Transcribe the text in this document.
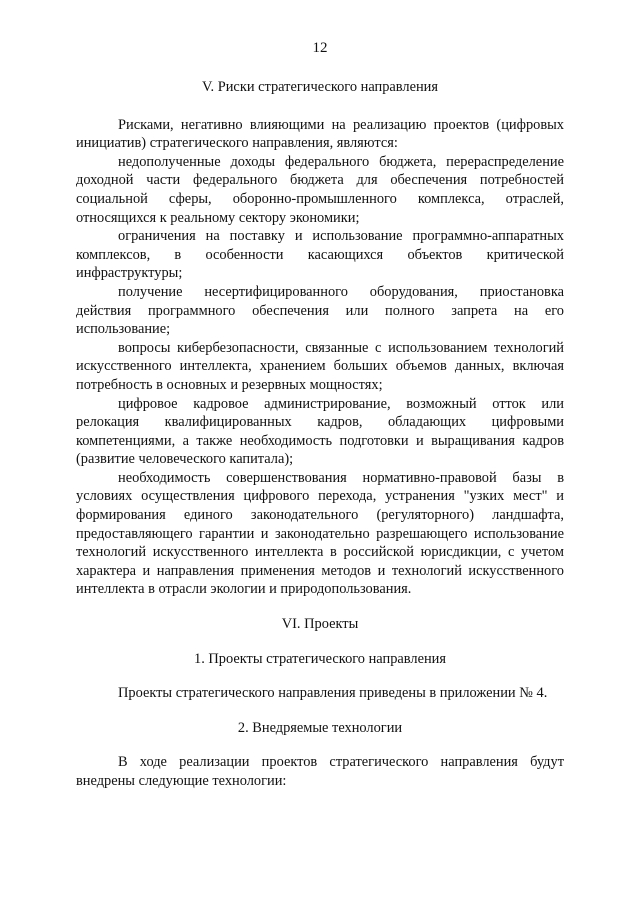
12

V. Риски стратегического направления

Рисками, негативно влияющими на реализацию проектов (цифровых инициатив) стратегического направления, являются:

недополученные доходы федерального бюджета, перераспределение доходной части федерального бюджета для обеспечения потребностей социальной сферы, оборонно-промышленного комплекса, отраслей, относящихся к реальному сектору экономики;

ограничения на поставку и использование программно-аппаратных комплексов, в особенности касающихся объектов критической инфраструктуры;

получение несертифицированного оборудования, приостановка действия программного обеспечения или полного запрета на его использование;

вопросы кибербезопасности, связанные с использованием технологий искусственного интеллекта, хранением больших объемов данных, включая потребность в основных и резервных мощностях;

цифровое кадровое администрирование, возможный отток или релокация квалифицированных кадров, обладающих цифровыми компетенциями, а также необходимость подготовки и выращивания кадров (развитие человеческого капитала);

необходимость совершенствования нормативно-правовой базы в условиях осуществления цифрового перехода, устранения "узких мест" и формирования единого законодательного (регуляторного) ландшафта, предоставляющего гарантии и законодательно разрешающего использование технологий искусственного интеллекта в российской юрисдикции, с учетом характера и направления применения методов и технологий искусственного интеллекта в отрасли экологии и природопользования.

VI. Проекты

1. Проекты стратегического направления

Проекты стратегического направления приведены в приложении № 4.

2. Внедряемые технологии

В ходе реализации проектов стратегического направления будут внедрены следующие технологии:
